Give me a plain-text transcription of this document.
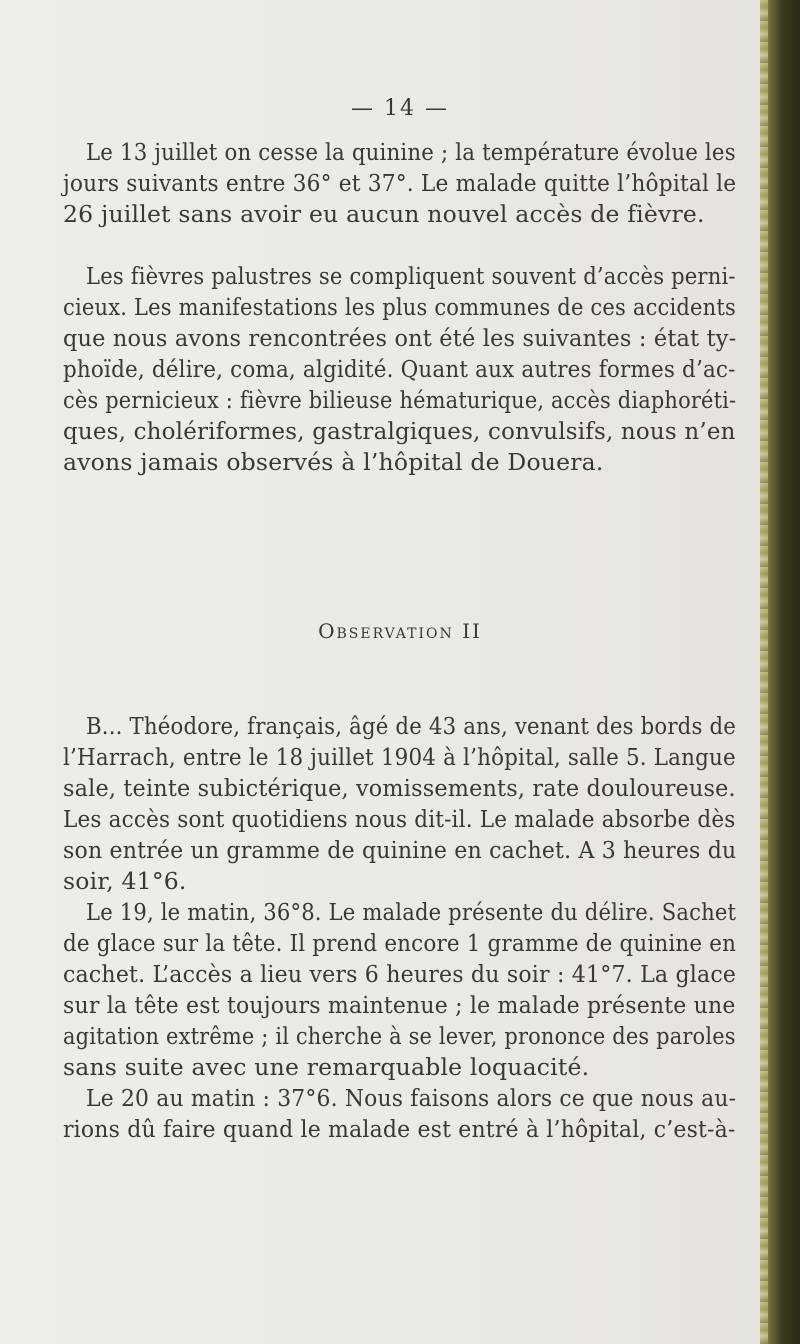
— 14 —
Le 13 juillet on cesse la quinine ; la température évolue les
jours suivants entre 36° et 37°. Le malade quitte l’hôpital le
26 juillet sans avoir eu aucun nouvel accès de fièvre.
Les fièvres palustres se compliquent souvent d’accès perni-
cieux. Les manifestations les plus communes de ces accidents
que nous avons rencontrées ont été les suivantes : état ty-
phoïde, délire, coma, algidité. Quant aux autres formes d’ac-
cès pernicieux : fièvre bilieuse hématurique, accès diaphoréti-
ques, cholériformes, gastralgiques, convulsifs, nous n’en
avons jamais observés à l’hôpital de Douera.
Observation II
B... Théodore, français, âgé de 43 ans, venant des bords de
l’Harrach, entre le 18 juillet 1904 à l’hôpital, salle 5. Langue
sale, teinte subictérique, vomissements, rate douloureuse.
Les accès sont quotidiens nous dit-il. Le malade absorbe dès
son entrée un gramme de quinine en cachet. A 3 heures du
soir, 41°6.
Le 19, le matin, 36°8. Le malade présente du délire. Sachet
de glace sur la tête. Il prend encore 1 gramme de quinine en
cachet. L’accès a lieu vers 6 heures du soir : 41°7. La glace
sur la tête est toujours maintenue ; le malade présente une
agitation extrême ; il cherche à se lever, prononce des paroles
sans suite avec une remarquable loquacité.
Le 20 au matin : 37°6. Nous faisons alors ce que nous au-
rions dû faire quand le malade est entré à l’hôpital, c’est-à-
